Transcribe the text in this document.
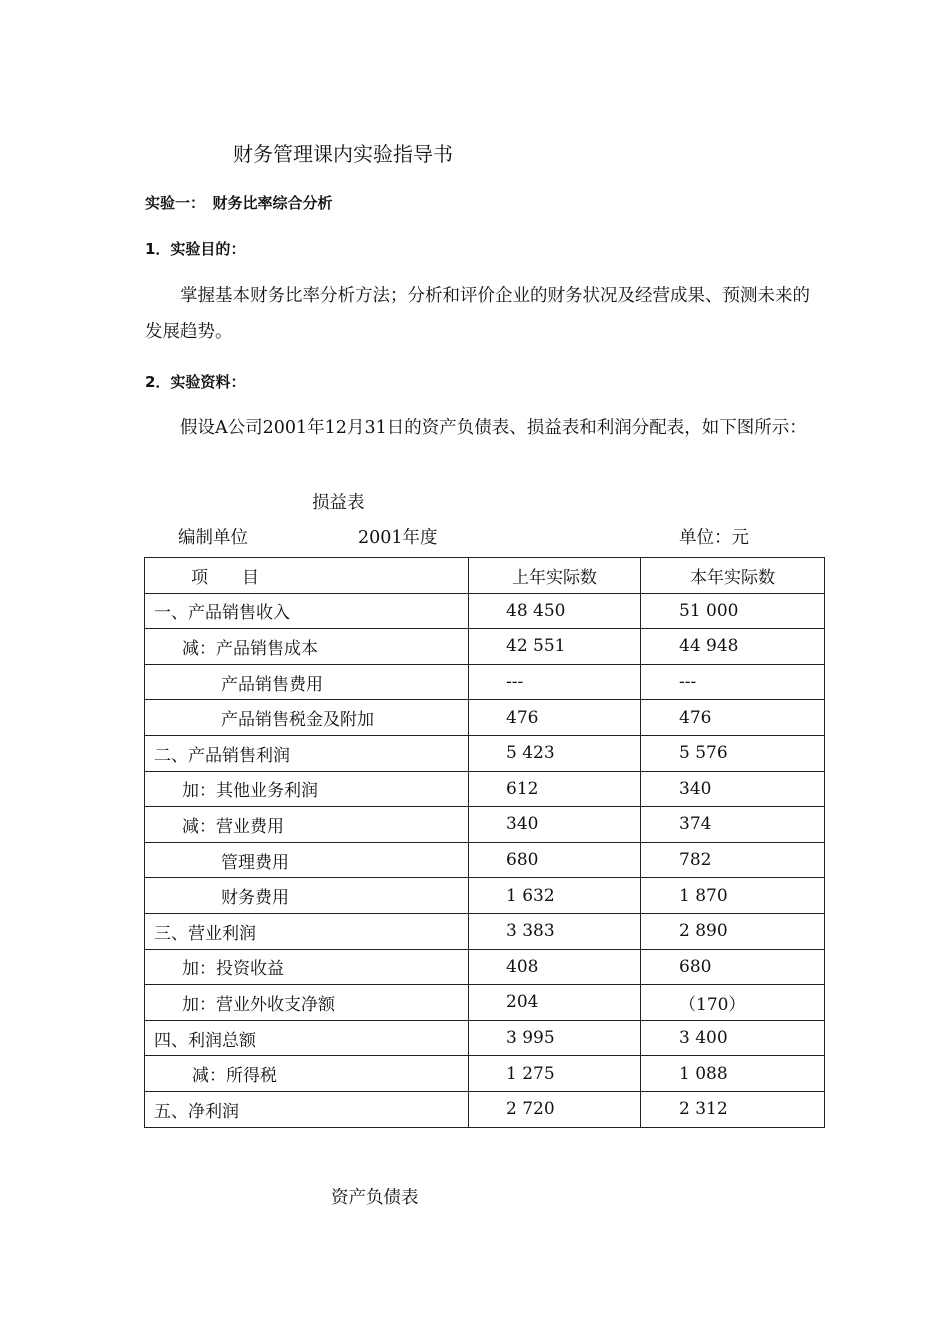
财务管理课内实验指导书
实验一：　财务比率综合分析
1．实验目的：
掌握基本财务比率分析方法；分析和评价企业的财务状况及经营成果、预测未来的发展趋势。
2．实验资料：
假设A公司2001年12月31日的资产负债表、损益表和利润分配表，如下图所示：
损益表
编制单位	2001年度	单位：元
项　　目	上年实际数	本年实际数
一、产品销售收入	48 450	51 000
减：产品销售成本	42 551	44 948
产品销售费用	---	---
产品销售税金及附加	476	476
二、产品销售利润	5 423	5 576
加：其他业务利润	612	340
减：营业费用	340	374
管理费用	680	782
财务费用	1 632	1 870
三、营业利润	3 383	2 890
加：投资收益	408	680
加：营业外收支净额	204	（170）
四、利润总额	3 995	3 400
减：所得税	1 275	1 088
五、净利润	2 720	2 312
资产负债表
